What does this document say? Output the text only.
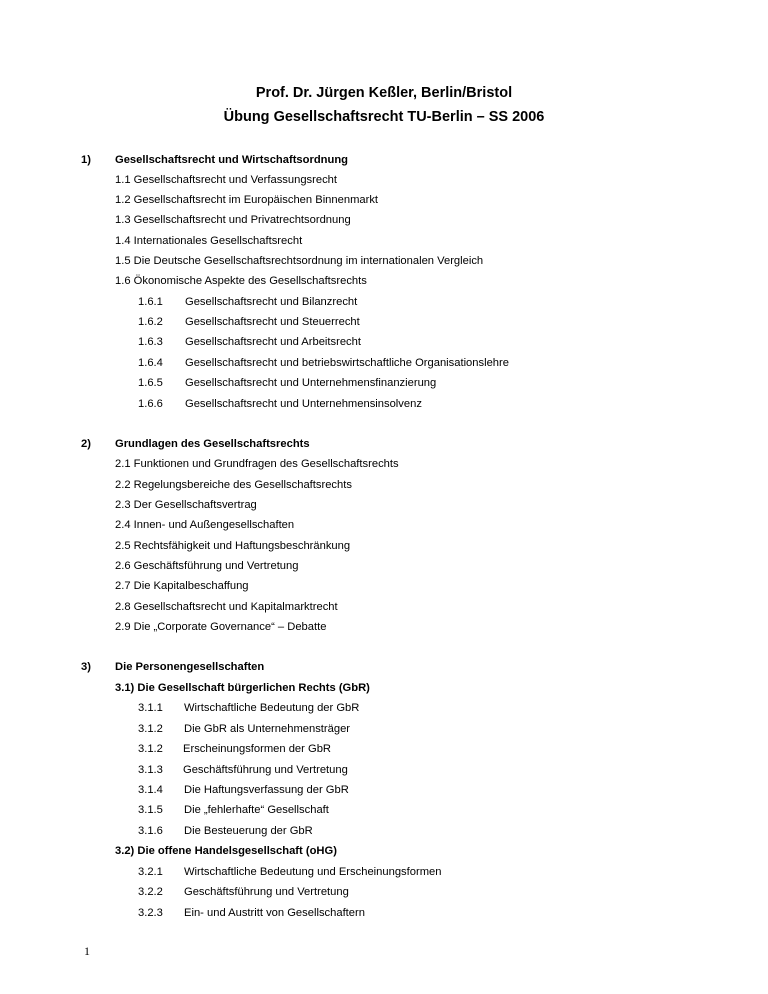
Prof. Dr. Jürgen Keßler, Berlin/Bristol
Übung Gesellschaftsrecht TU-Berlin – SS 2006
1) Gesellschaftsrecht und Wirtschaftsordnung
1.1 Gesellschaftsrecht und Verfassungsrecht
1.2 Gesellschaftsrecht im Europäischen Binnenmarkt
1.3 Gesellschaftsrecht und Privatrechtsordnung
1.4 Internationales Gesellschaftsrecht
1.5 Die Deutsche Gesellschaftsrechtsordnung im internationalen Vergleich
1.6 Ökonomische Aspekte des Gesellschaftsrechts
1.6.1 Gesellschaftsrecht und Bilanzrecht
1.6.2 Gesellschaftsrecht und Steuerrecht
1.6.3 Gesellschaftsrecht und Arbeitsrecht
1.6.4 Gesellschaftsrecht und betriebswirtschaftliche Organisationslehre
1.6.5 Gesellschaftsrecht und Unternehmensfinanzierung
1.6.6 Gesellschaftsrecht und Unternehmensinsolvenz
2) Grundlagen des Gesellschaftsrechts
2.1 Funktionen und Grundfragen des Gesellschaftsrechts
2.2 Regelungsbereiche des Gesellschaftsrechts
2.3 Der Gesellschaftsvertrag
2.4 Innen- und Außengesellschaften
2.5 Rechtsfähigkeit und Haftungsbeschränkung
2.6 Geschäftsführung und Vertretung
2.7 Die Kapitalbeschaffung
2.8 Gesellschaftsrecht und Kapitalmarktrecht
2.9 Die „Corporate Governance“ – Debatte
3) Die Personengesellschaften
3.1) Die Gesellschaft bürgerlichen Rechts (GbR)
3.1.1 Wirtschaftliche Bedeutung der GbR
3.1.2 Die GbR als Unternehmensträger
3.1.2 Erscheinungsformen der GbR
3.1.3 Geschäftsführung und Vertretung
3.1.4 Die Haftungsverfassung der GbR
3.1.5 Die „fehlerhafte“ Gesellschaft
3.1.6 Die Besteuerung der GbR
3.2) Die offene Handelsgesellschaft (oHG)
3.2.1 Wirtschaftliche Bedeutung und Erscheinungsformen
3.2.2 Geschäftsführung und Vertretung
3.2.3 Ein- und Austritt von Gesellschaftern
1
